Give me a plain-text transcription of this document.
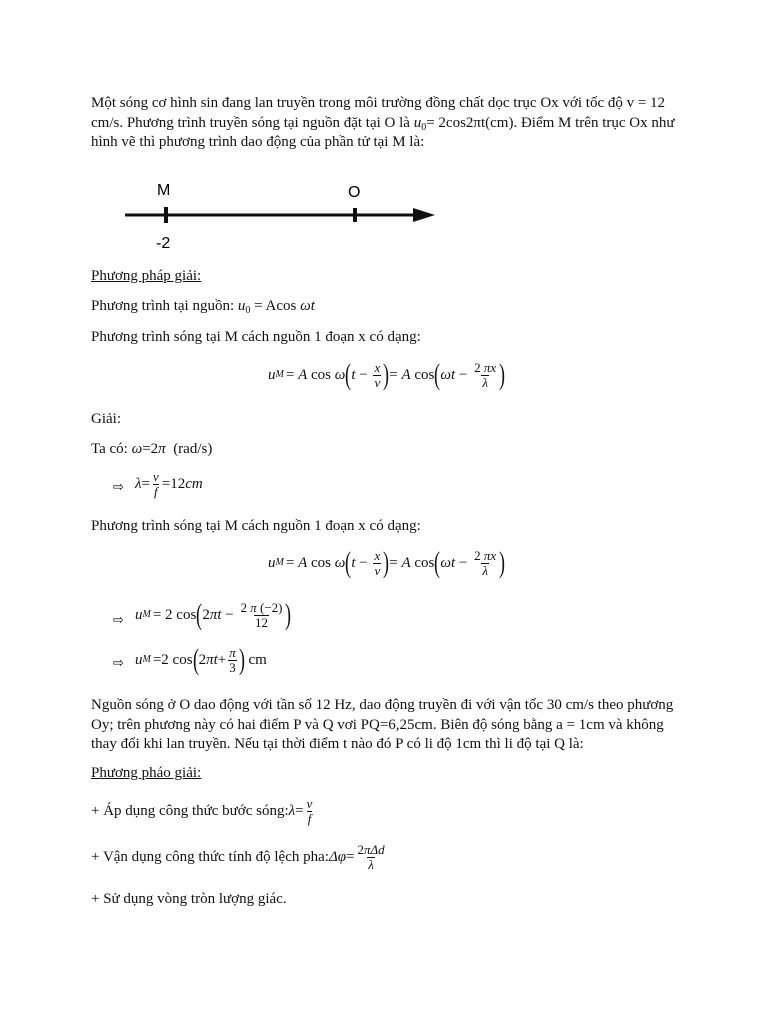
Một sóng cơ hình sin đang lan truyền trong môi trường đồng chất dọc trục Ox với tốc độ v = 12 cm/s. Phương trình truyền sóng tại nguồn đặt tại O là $u_0= 2\cos 2\pi t(cm)$. Điểm M trên trục Ox như hình vẽ thì phương trình dao động của phần tử tại M là:

M	O
-2
Phương pháp giải:
Phương trình tại nguồn: $u_0 = Acos$ ωt
Phương trình sóng tại M cách nguồn 1 đoạn x có dạng:
u M = A cos ω ( $t - \frac{x}{v}$ ) = A cos ( $\omega t - \frac{2 \pi x}{\lambda}$ )
Giải:
Ta có: ω=2π (rad/s)
⇨ $\lambda = \frac{v}{f} =12$ cm
Phương trình sóng tại M cách nguồn 1 đoạn x có dạng:
u M = A cos ω ( $t - \frac{x}{v}$ ) = A cos ( $\omega t - \frac{2 \pi x}{\lambda}$ )
⇨ u M = 2 cos ( 2 $\pi t - \frac{2 \pi (-2)}{12}$ )
⇨ u M =2 cos ( 2 $\pi t + \frac{\pi}{3}$ )
cm

Nguồn sóng ở O dao động với tần số 12 Hz, dao động truyền đi với vận tốc 30 cm/s theo phương Oy; trên phương này có hai điểm P và Q vơi PQ=6,25cm. Biên độ sóng bằng a = 1cm và không thay đổi khi lan truyền. Nếu tại thời điểm t nào đó P có li độ 1cm thì li độ tại Q là:

Phương pháo giải:
+ Áp dụng công thức bước sóng: $\lambda = \frac{v}{f}$
+ Vận dụng công thức tính độ lệch pha: $\Delta\varphi = \frac{\text{2πΔd}}{\lambda}$
+ Sử dụng vòng tròn lượng giác.
